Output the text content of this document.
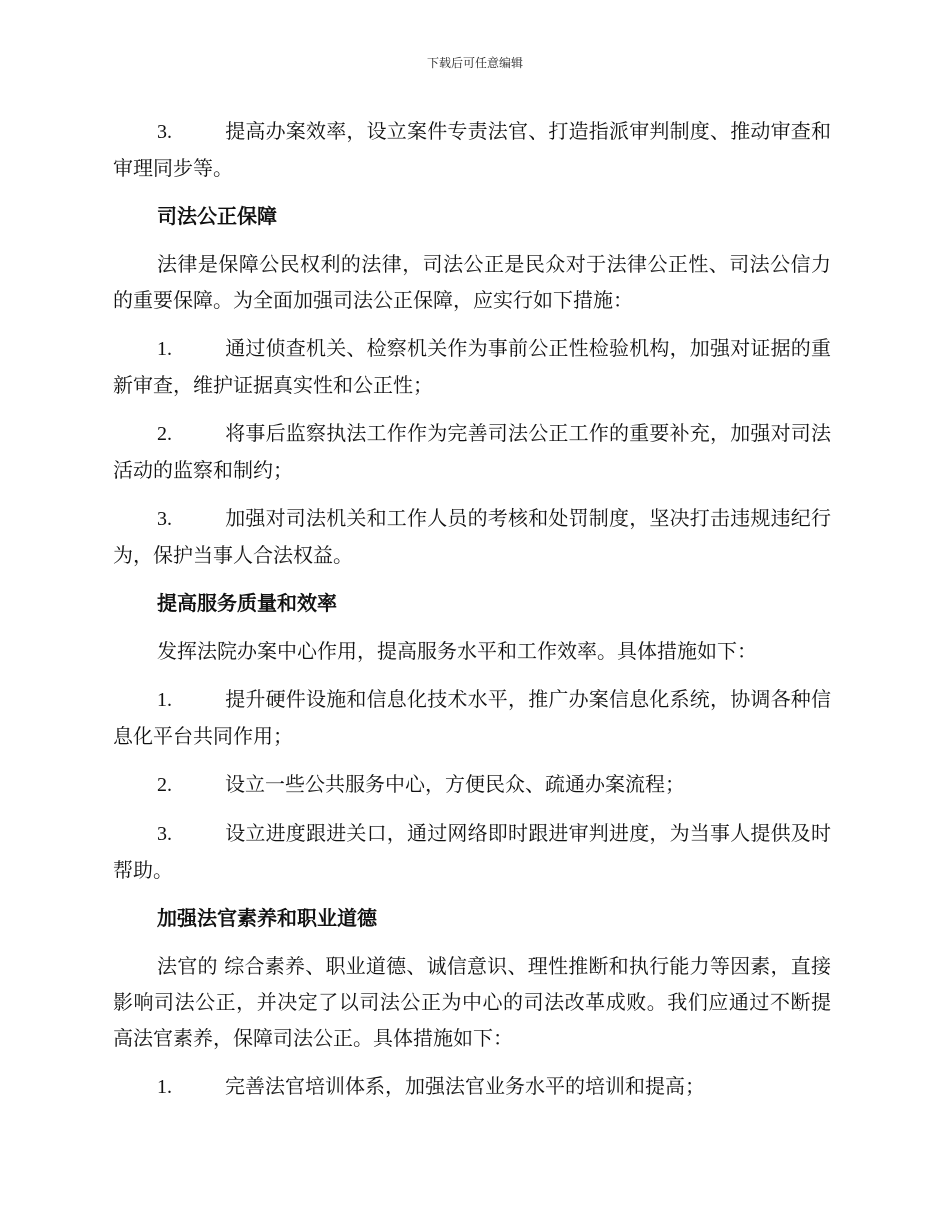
下载后可任意编辑

3.	提高办案效率，设立案件专责法官、打造指派审判制度、推动审查和审理同步等。

司法公正保障

法律是保障公民权利的法律，司法公正是民众对于法律公正性、司法公信力的重要保障。为全面加强司法公正保障，应实行如下措施：

1.	通过侦查机关、检察机关作为事前公正性检验机构，加强对证据的重新审查，维护证据真实性和公正性；

2.	将事后监察执法工作作为完善司法公正工作的重要补充，加强对司法活动的监察和制约；

3.	加强对司法机关和工作人员的考核和处罚制度，坚决打击违规违纪行为，保护当事人合法权益。

提高服务质量和效率

发挥法院办案中心作用，提高服务水平和工作效率。具体措施如下：

1.	提升硬件设施和信息化技术水平，推广办案信息化系统，协调各种信息化平台共同作用；

2.	设立一些公共服务中心，方便民众、疏通办案流程；

3.	设立进度跟进关口，通过网络即时跟进审判进度，为当事人提供及时帮助。

加强法官素养和职业道德

法官的 综合素养、职业道德、诚信意识、理性推断和执行能力等因素，直接影响司法公正，并决定了以司法公正为中心的司法改革成败。我们应通过不断提高法官素养，保障司法公正。具体措施如下：

1.	完善法官培训体系，加强法官业务水平的培训和提高；
